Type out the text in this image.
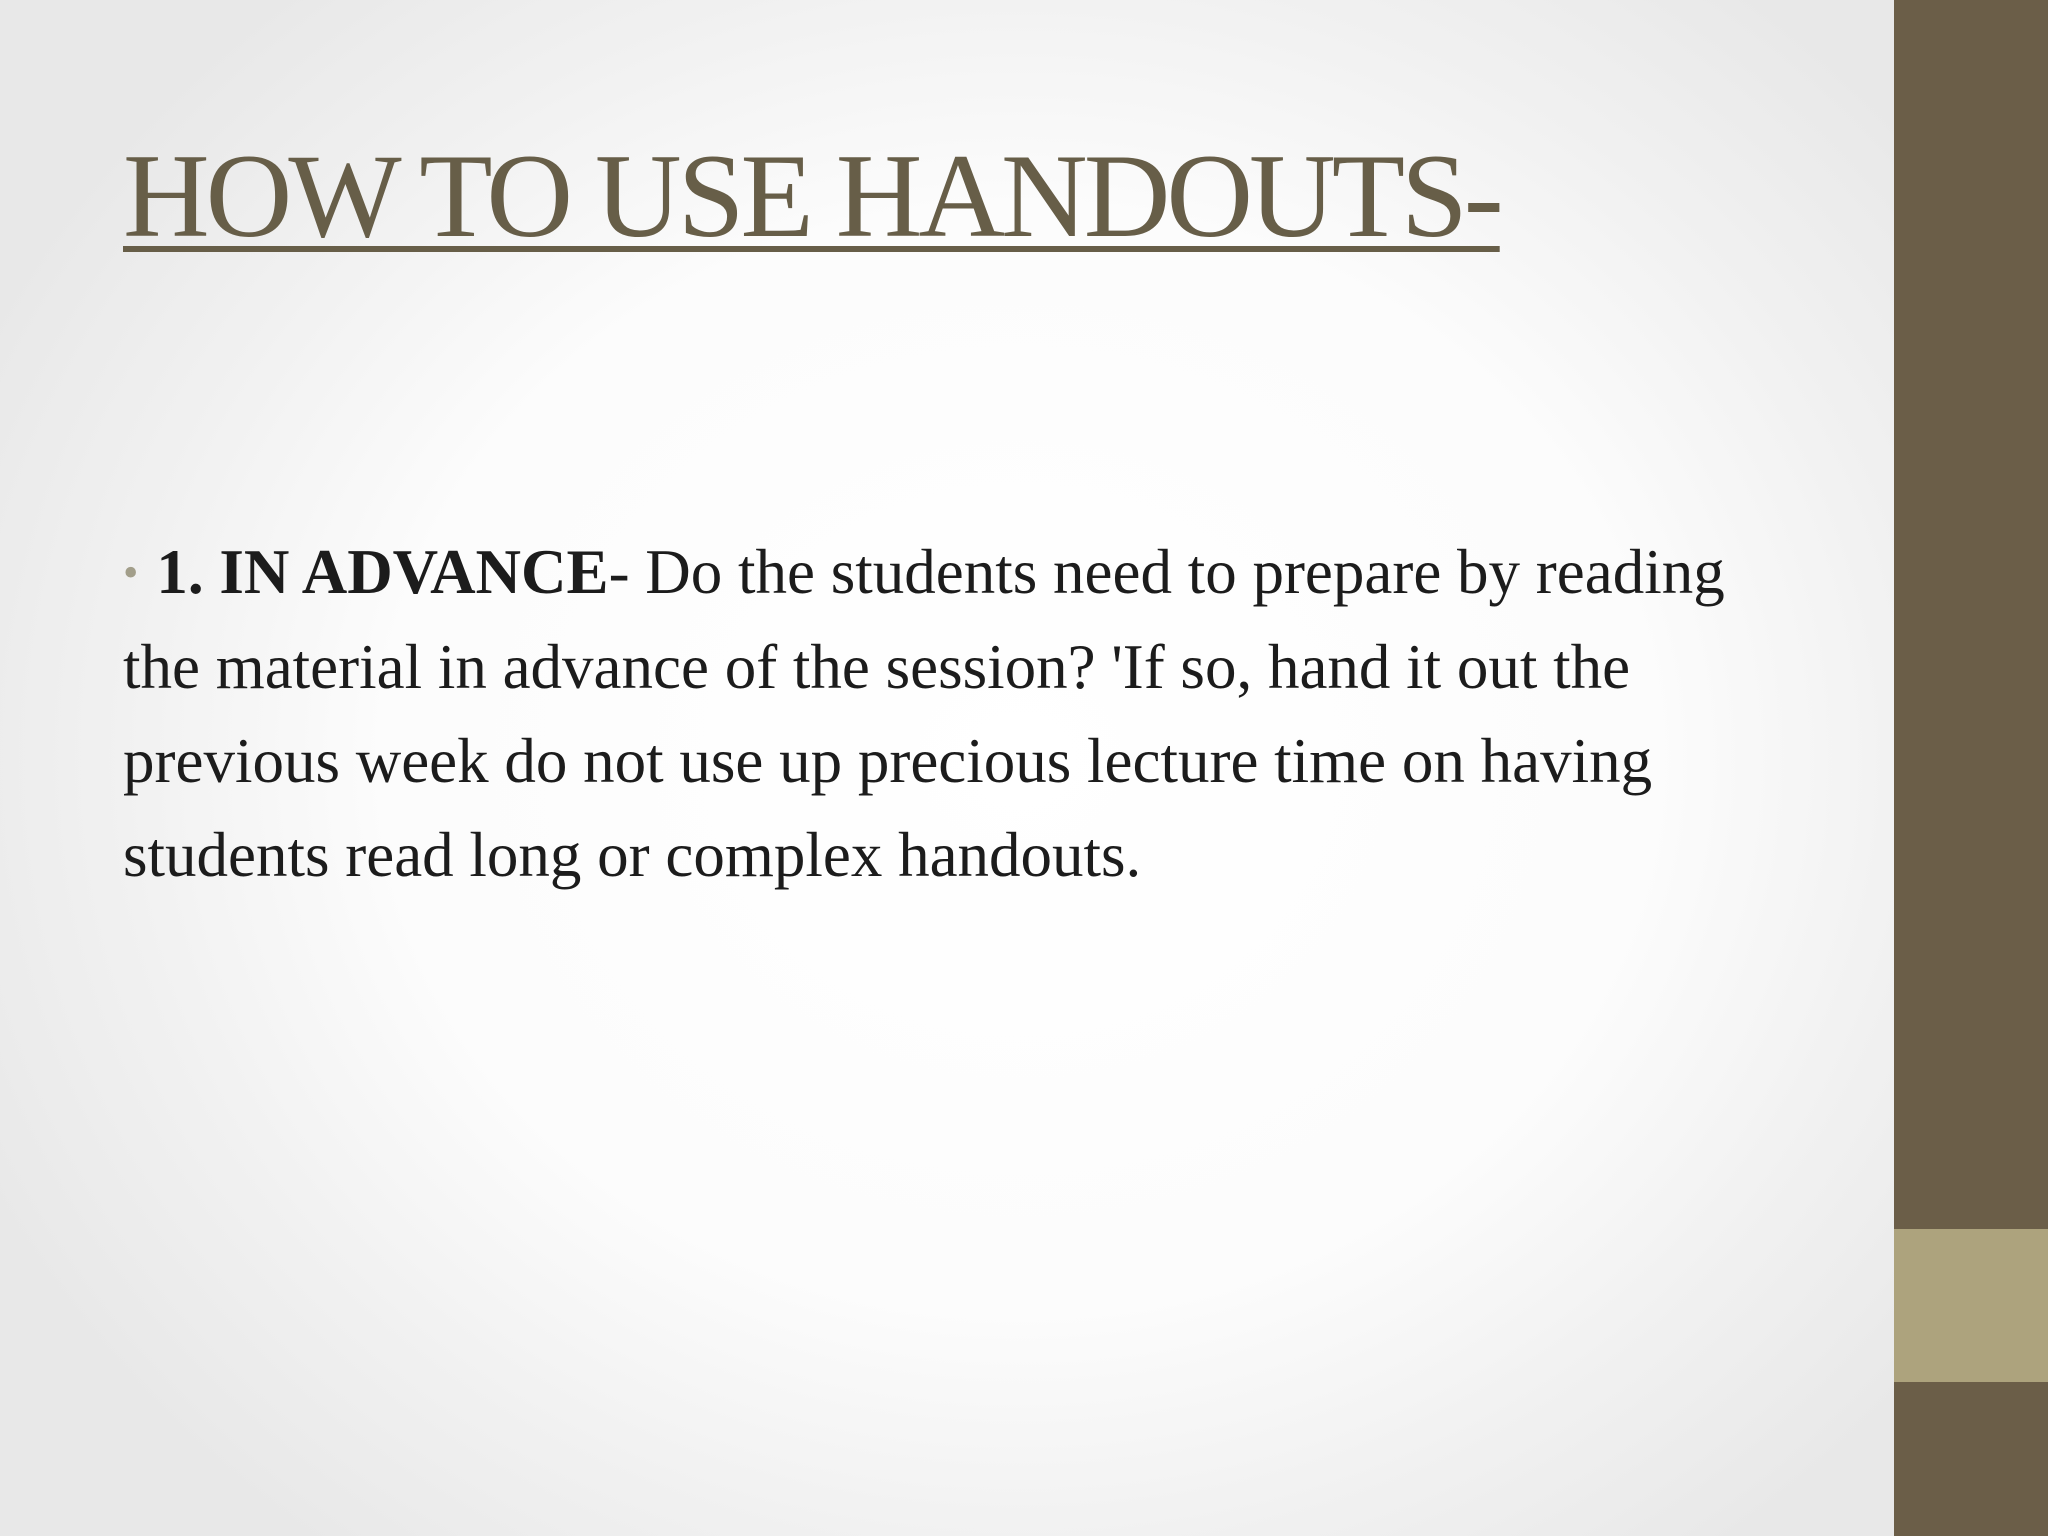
HOW TO USE HANDOUTS-

• 1. IN ADVANCE- Do the students need to prepare by reading the material in advance of the session? 'If so, hand it out the previous week do not use up precious lecture time on having students read long or complex handouts.
